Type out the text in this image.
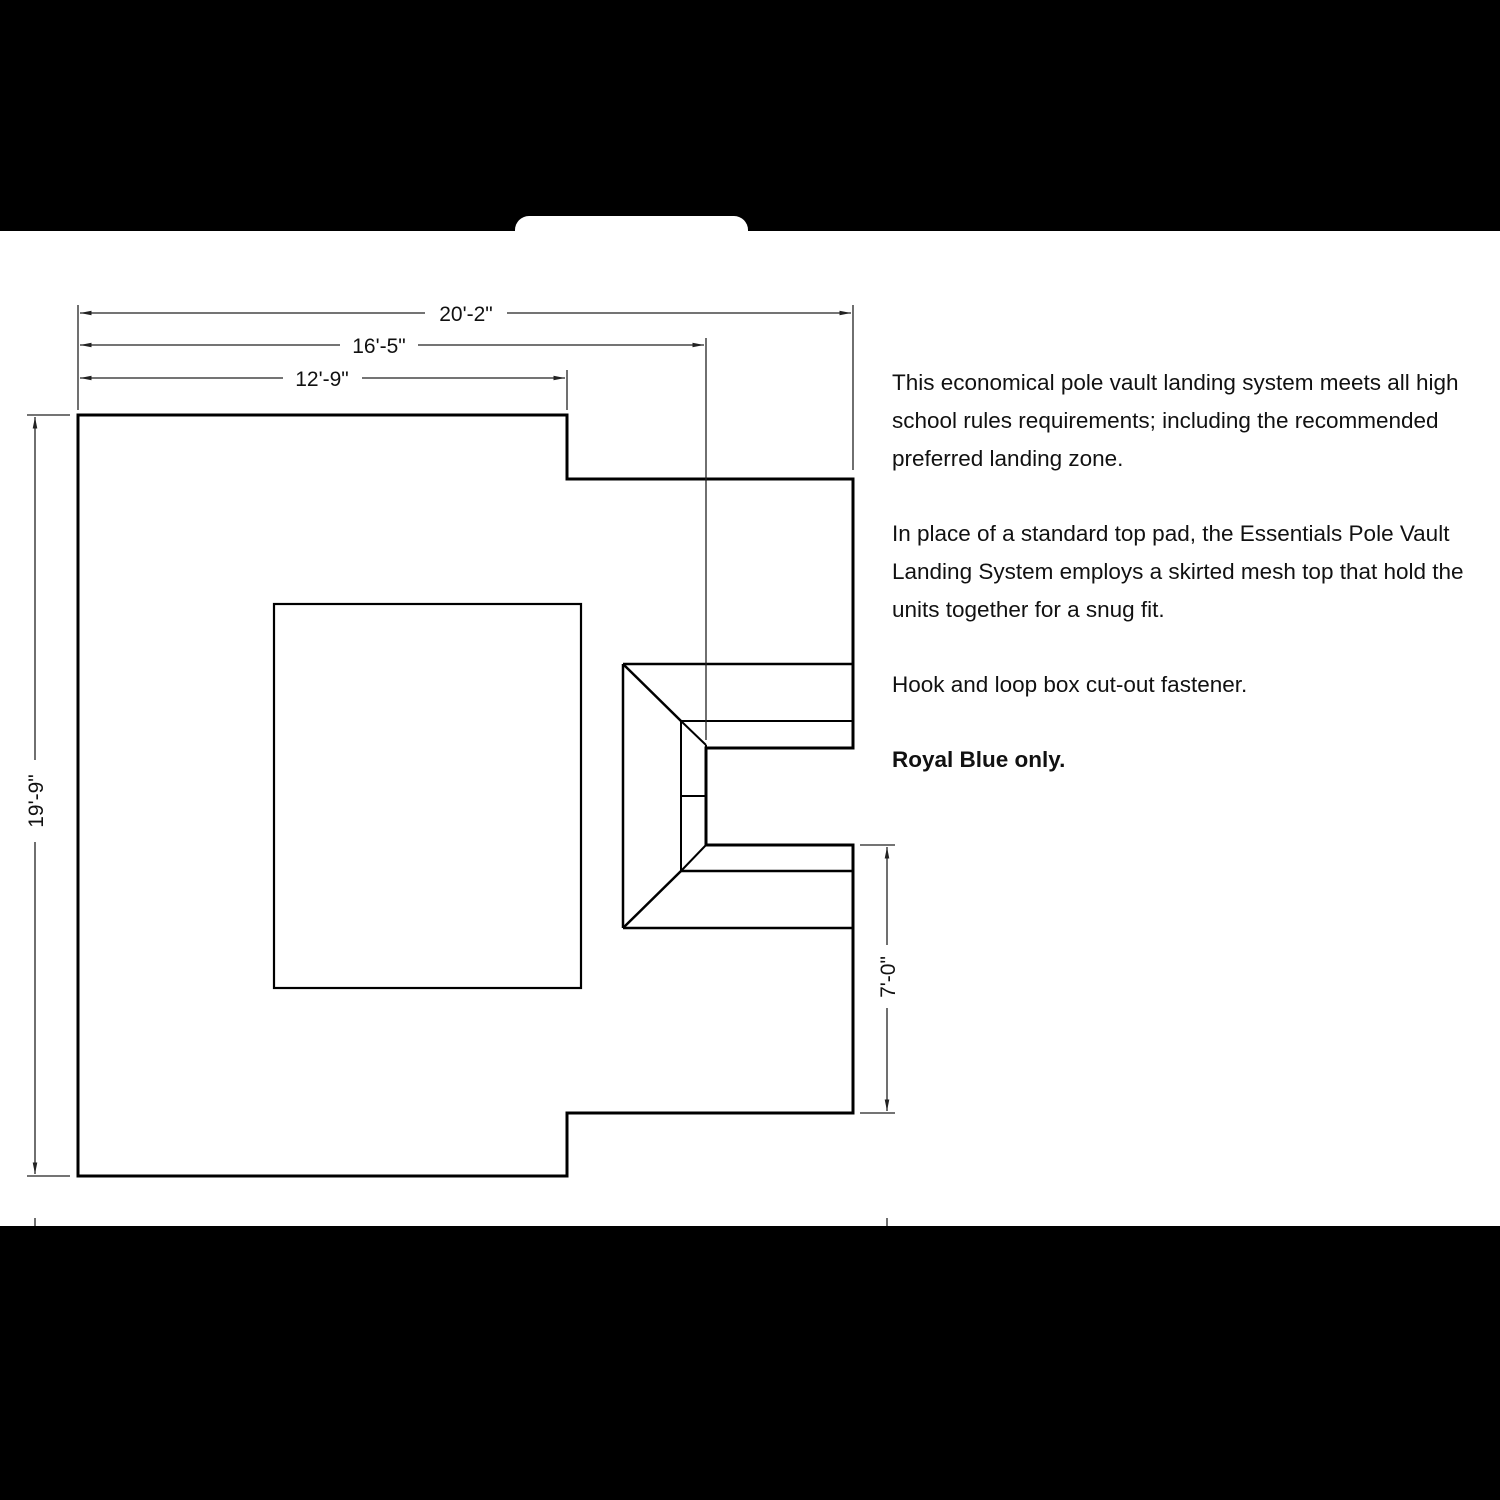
20'-2"
16'-5"
12'-9"
19'-9"
7'-0"

This economical pole vault landing system meets all high school rules requirements; including the recommended preferred landing zone.

In place of a standard top pad, the Essentials Pole Vault Landing System employs a skirted mesh top that hold the units together for a snug fit.

Hook and loop box cut-out fastener.

Royal Blue only.
